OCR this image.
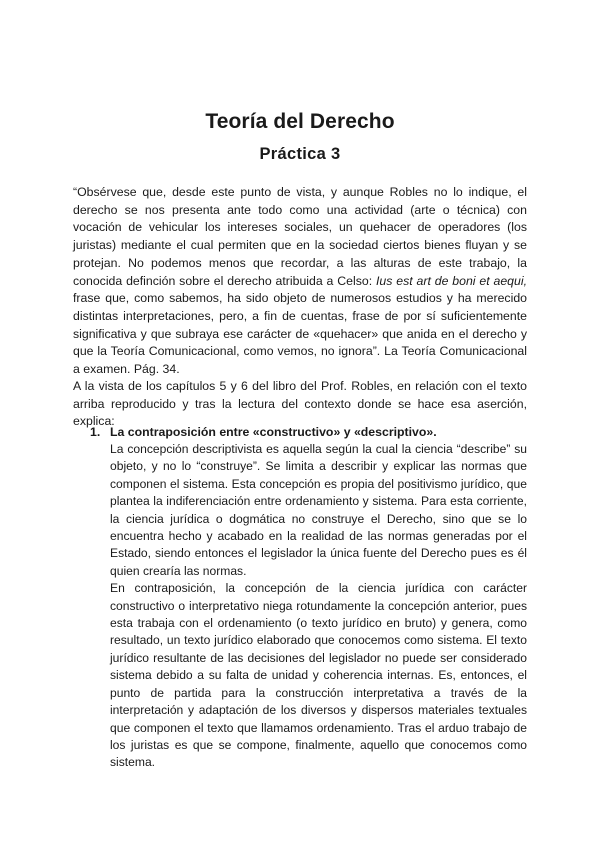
Teoría del Derecho
Práctica 3

“Obsérvese que, desde este punto de vista, y aunque Robles no lo indique, el derecho se nos presenta ante todo como una actividad (arte o técnica) con vocación de vehicular los intereses sociales, un quehacer de operadores (los juristas) mediante el cual permiten que en la sociedad ciertos bienes fluyan y se protejan. No podemos menos que recordar, a las alturas de este trabajo, la conocida definción sobre el derecho atribuida a Celso: Ius est art de boni et aequi, frase que, como sabemos, ha sido objeto de numerosos estudios y ha merecido distintas interpretaciones, pero, a fin de cuentas, frase de por sí suficientemente significativa y que subraya ese carácter de «quehacer» que anida en el derecho y que la Teoría Comunicacional, como vemos, no ignora”. La Teoría Comunicacional a examen. Pág. 34.

A la vista de los capítulos 5 y 6 del libro del Prof. Robles, en relación con el texto arriba reproducido y tras la lectura del contexto donde se hace esa aserción, explica:

1. La contraposición entre «constructivo» y «descriptivo».

La concepción descriptivista es aquella según la cual la ciencia “describe” su objeto, y no lo “construye”. Se limita a describir y explicar las normas que componen el sistema. Esta concepción es propia del positivismo jurídico, que plantea la indiferenciación entre ordenamiento y sistema. Para esta corriente, la ciencia jurídica o dogmática no construye el Derecho, sino que se lo encuentra hecho y acabado en la realidad de las normas generadas por el Estado, siendo entonces el legislador la única fuente del Derecho pues es él quien crearía las normas.

En contraposición, la concepción de la ciencia jurídica con carácter constructivo o interpretativo niega rotundamente la concepción anterior, pues esta trabaja con el ordenamiento (o texto jurídico en bruto) y genera, como resultado, un texto jurídico elaborado que conocemos como sistema. El texto jurídico resultante de las decisiones del legislador no puede ser considerado sistema debido a su falta de unidad y coherencia internas. Es, entonces, el punto de partida para la construcción interpretativa a través de la interpretación y adaptación de los diversos y dispersos materiales textuales que componen el texto que llamamos ordenamiento. Tras el arduo trabajo de los juristas es que se compone, finalmente, aquello que conocemos como sistema.
